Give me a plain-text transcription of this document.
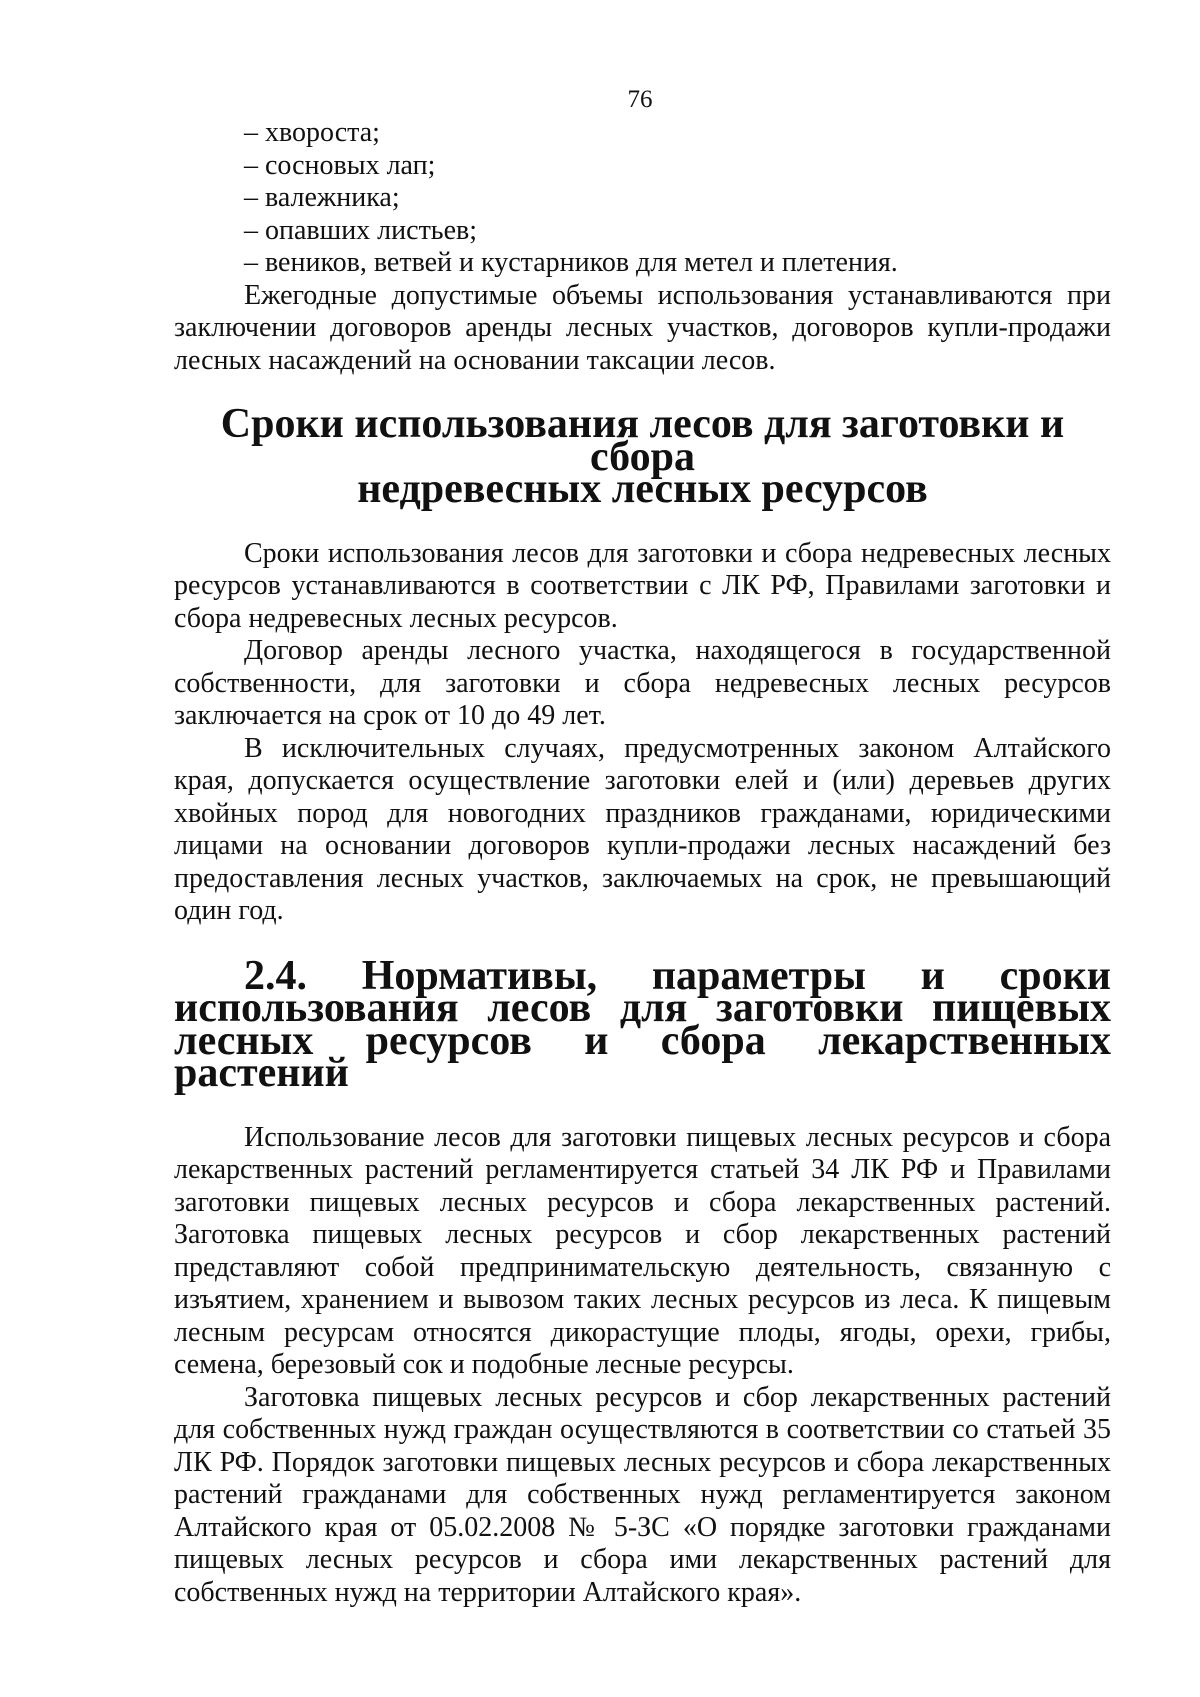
76
– хвороста;
– сосновых лап;
– валежника;
– опавших листьев;
– веников, ветвей и кустарников для метел и плетения.

Ежегодные допустимые объемы использования устанавливаются при заключении договоров аренды лесных участков, договоров купли-продажи лесных насаждений на основании таксации лесов.

Сроки использования лесов для заготовки и сбора
недревесных лесных ресурсов

Сроки использования лесов для заготовки и сбора недревесных лесных ресурсов устанавливаются в соответствии с ЛК РФ, Правилами заготовки и сбора недревесных лесных ресурсов.

Договор аренды лесного участка, находящегося в государственной собственности, для заготовки и сбора недревесных лесных ресурсов заключается на срок от 10 до 49 лет.

В исключительных случаях, предусмотренных законом Алтайского края, допускается осуществление заготовки елей и (или) деревьев других хвойных пород для новогодних праздников гражданами, юридическими лицами на основании договоров купли-продажи лесных насаждений без предоставления лесных участков, заключаемых на срок, не превышающий один год.

2.4. Нормативы, параметры и сроки использования лесов для заготовки пищевых лесных ресурсов и сбора лекарственных растений

Использование лесов для заготовки пищевых лесных ресурсов и сбора лекарственных растений регламентируется статьей 34 ЛК РФ и Правилами заготовки пищевых лесных ресурсов и сбора лекарственных растений. Заготовка пищевых лесных ресурсов и сбор лекарственных растений представляют собой предпринимательскую деятельность, связанную с изъятием, хранением и вывозом таких лесных ресурсов из леса. К пищевым лесным ресурсам относятся дикорастущие плоды, ягоды, орехи, грибы, семена, березовый сок и подобные лесные ресурсы.

Заготовка пищевых лесных ресурсов и сбор лекарственных растений для собственных нужд граждан осуществляются в соответствии со статьей 35 ЛК РФ. Порядок заготовки пищевых лесных ресурсов и сбора лекарственных растений гражданами для собственных нужд регламентируется законом Алтайского края от 05.02.2008 № 5-ЗС «О порядке заготовки гражданами пищевых лесных ресурсов и сбора ими лекарственных растений для собственных нужд на территории Алтайского края».
